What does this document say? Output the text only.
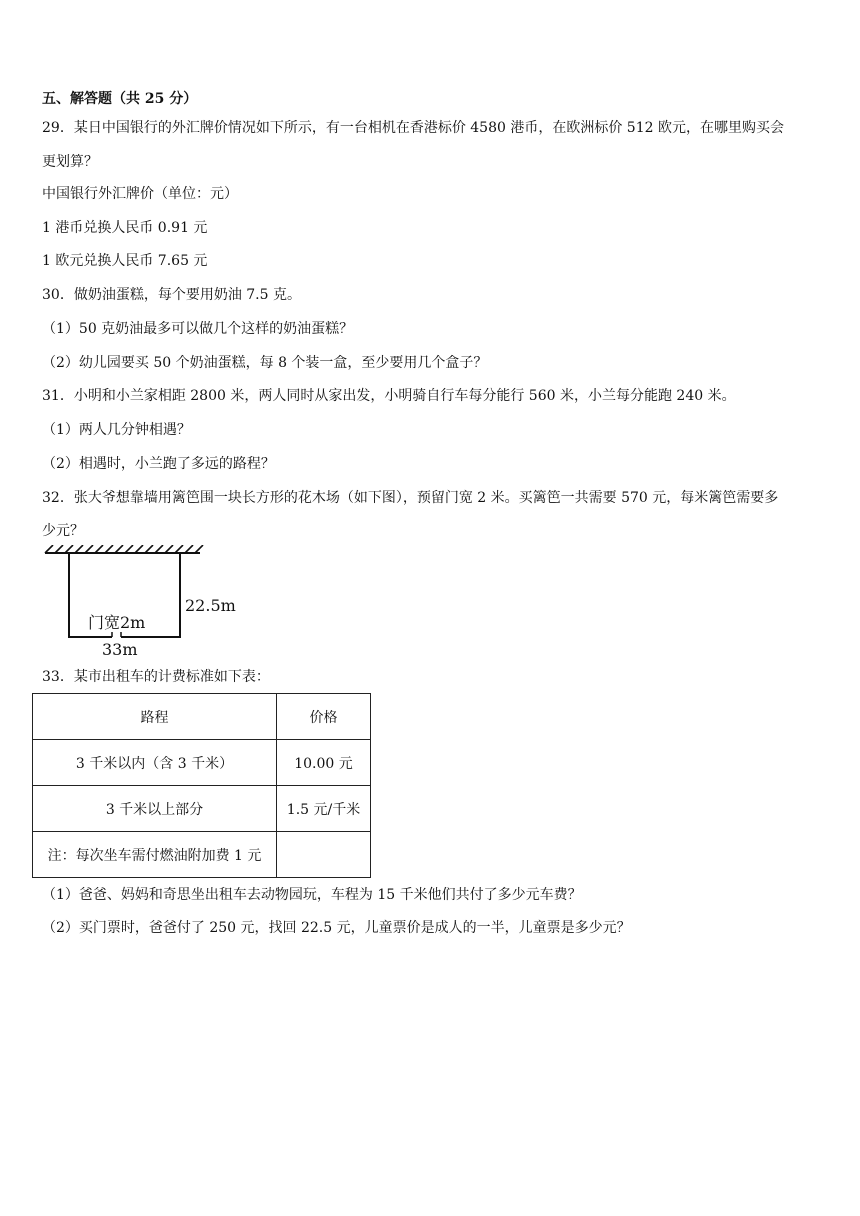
五、解答题（共 25 分）
29．某日中国银行的外汇牌价情况如下所示，有一台相机在香港标价 4580 港币，在欧洲标价 512 欧元，在哪里购买会
更划算？
中国银行外汇牌价（单位：元）
1 港币兑换人民币 0.91 元
1 欧元兑换人民币 7.65 元
30．做奶油蛋糕，每个要用奶油 7.5 克。
（1）50 克奶油最多可以做几个这样的奶油蛋糕？
（2）幼儿园要买 50 个奶油蛋糕，每 8 个装一盒，至少要用几个盒子？
31．小明和小兰家相距 2800 米，两人同时从家出发，小明骑自行车每分能行 560 米，小兰每分能跑 240 米。
（1）两人几分钟相遇？
（2）相遇时，小兰跑了多远的路程？
32．张大爷想靠墙用篱笆围一块长方形的花木场（如下图），预留门宽 2 米。买篱笆一共需要 570 元，每米篱笆需要多
少元？
22.5m
门宽2m
33m
33．某市出租车的计费标准如下表：
路程	价格
3 千米以内（含 3 千米）	10.00 元
3 千米以上部分	1.5 元/千米
注：每次坐车需付燃油附加费 1 元	
（1）爸爸、妈妈和奇思坐出租车去动物园玩，车程为 15 千米他们共付了多少元车费？
（2）买门票时，爸爸付了 250 元，找回 22.5 元，儿童票价是成人的一半，儿童票是多少元？
